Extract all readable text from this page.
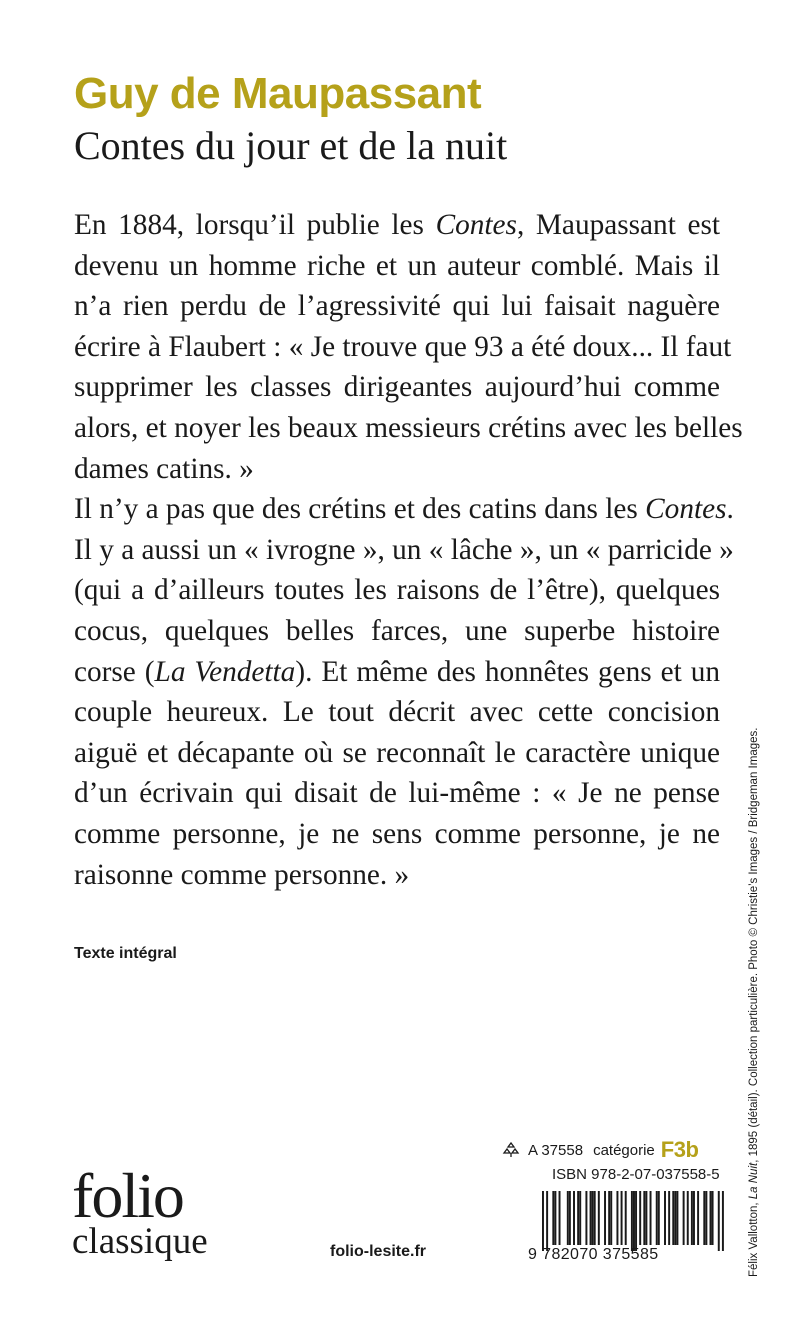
Guy de Maupassant
Contes du jour et de la nuit
En 1884, lorsqu’il publie les Contes, Maupassant est
devenu un homme riche et un auteur comblé. Mais il
n’a rien perdu de l’agressivité qui lui faisait naguère
écrire à Flaubert : « Je trouve que 93 a été doux... Il faut
supprimer les classes dirigeantes aujourd’hui comme
alors, et noyer les beaux messieurs crétins avec les belles
dames catins. »
Il n’y a pas que des crétins et des catins dans les Contes.
Il y a aussi un « ivrogne », un « lâche », un « parricide »
(qui a d’ailleurs toutes les raisons de l’être), quelques
cocus, quelques belles farces, une superbe histoire
corse (La Vendetta). Et même des honnêtes gens et un
couple heureux. Le tout décrit avec cette concision
aiguë et décapante où se reconnaît le caractère unique
d’un écrivain qui disait de lui-même : « Je ne pense
comme personne, je ne sens comme personne, je ne
raisonne comme personne. »
Texte intégral
folio
classique	folio-lesite.fr
A 37558 catégorie F3b
ISBN 978-2-07-037558-5
9 782070 375585	Félix Vallotton, La Nuit, 1895 (détail). Collection particulière. Photo © Christie’s Images / Bridgeman Images.
